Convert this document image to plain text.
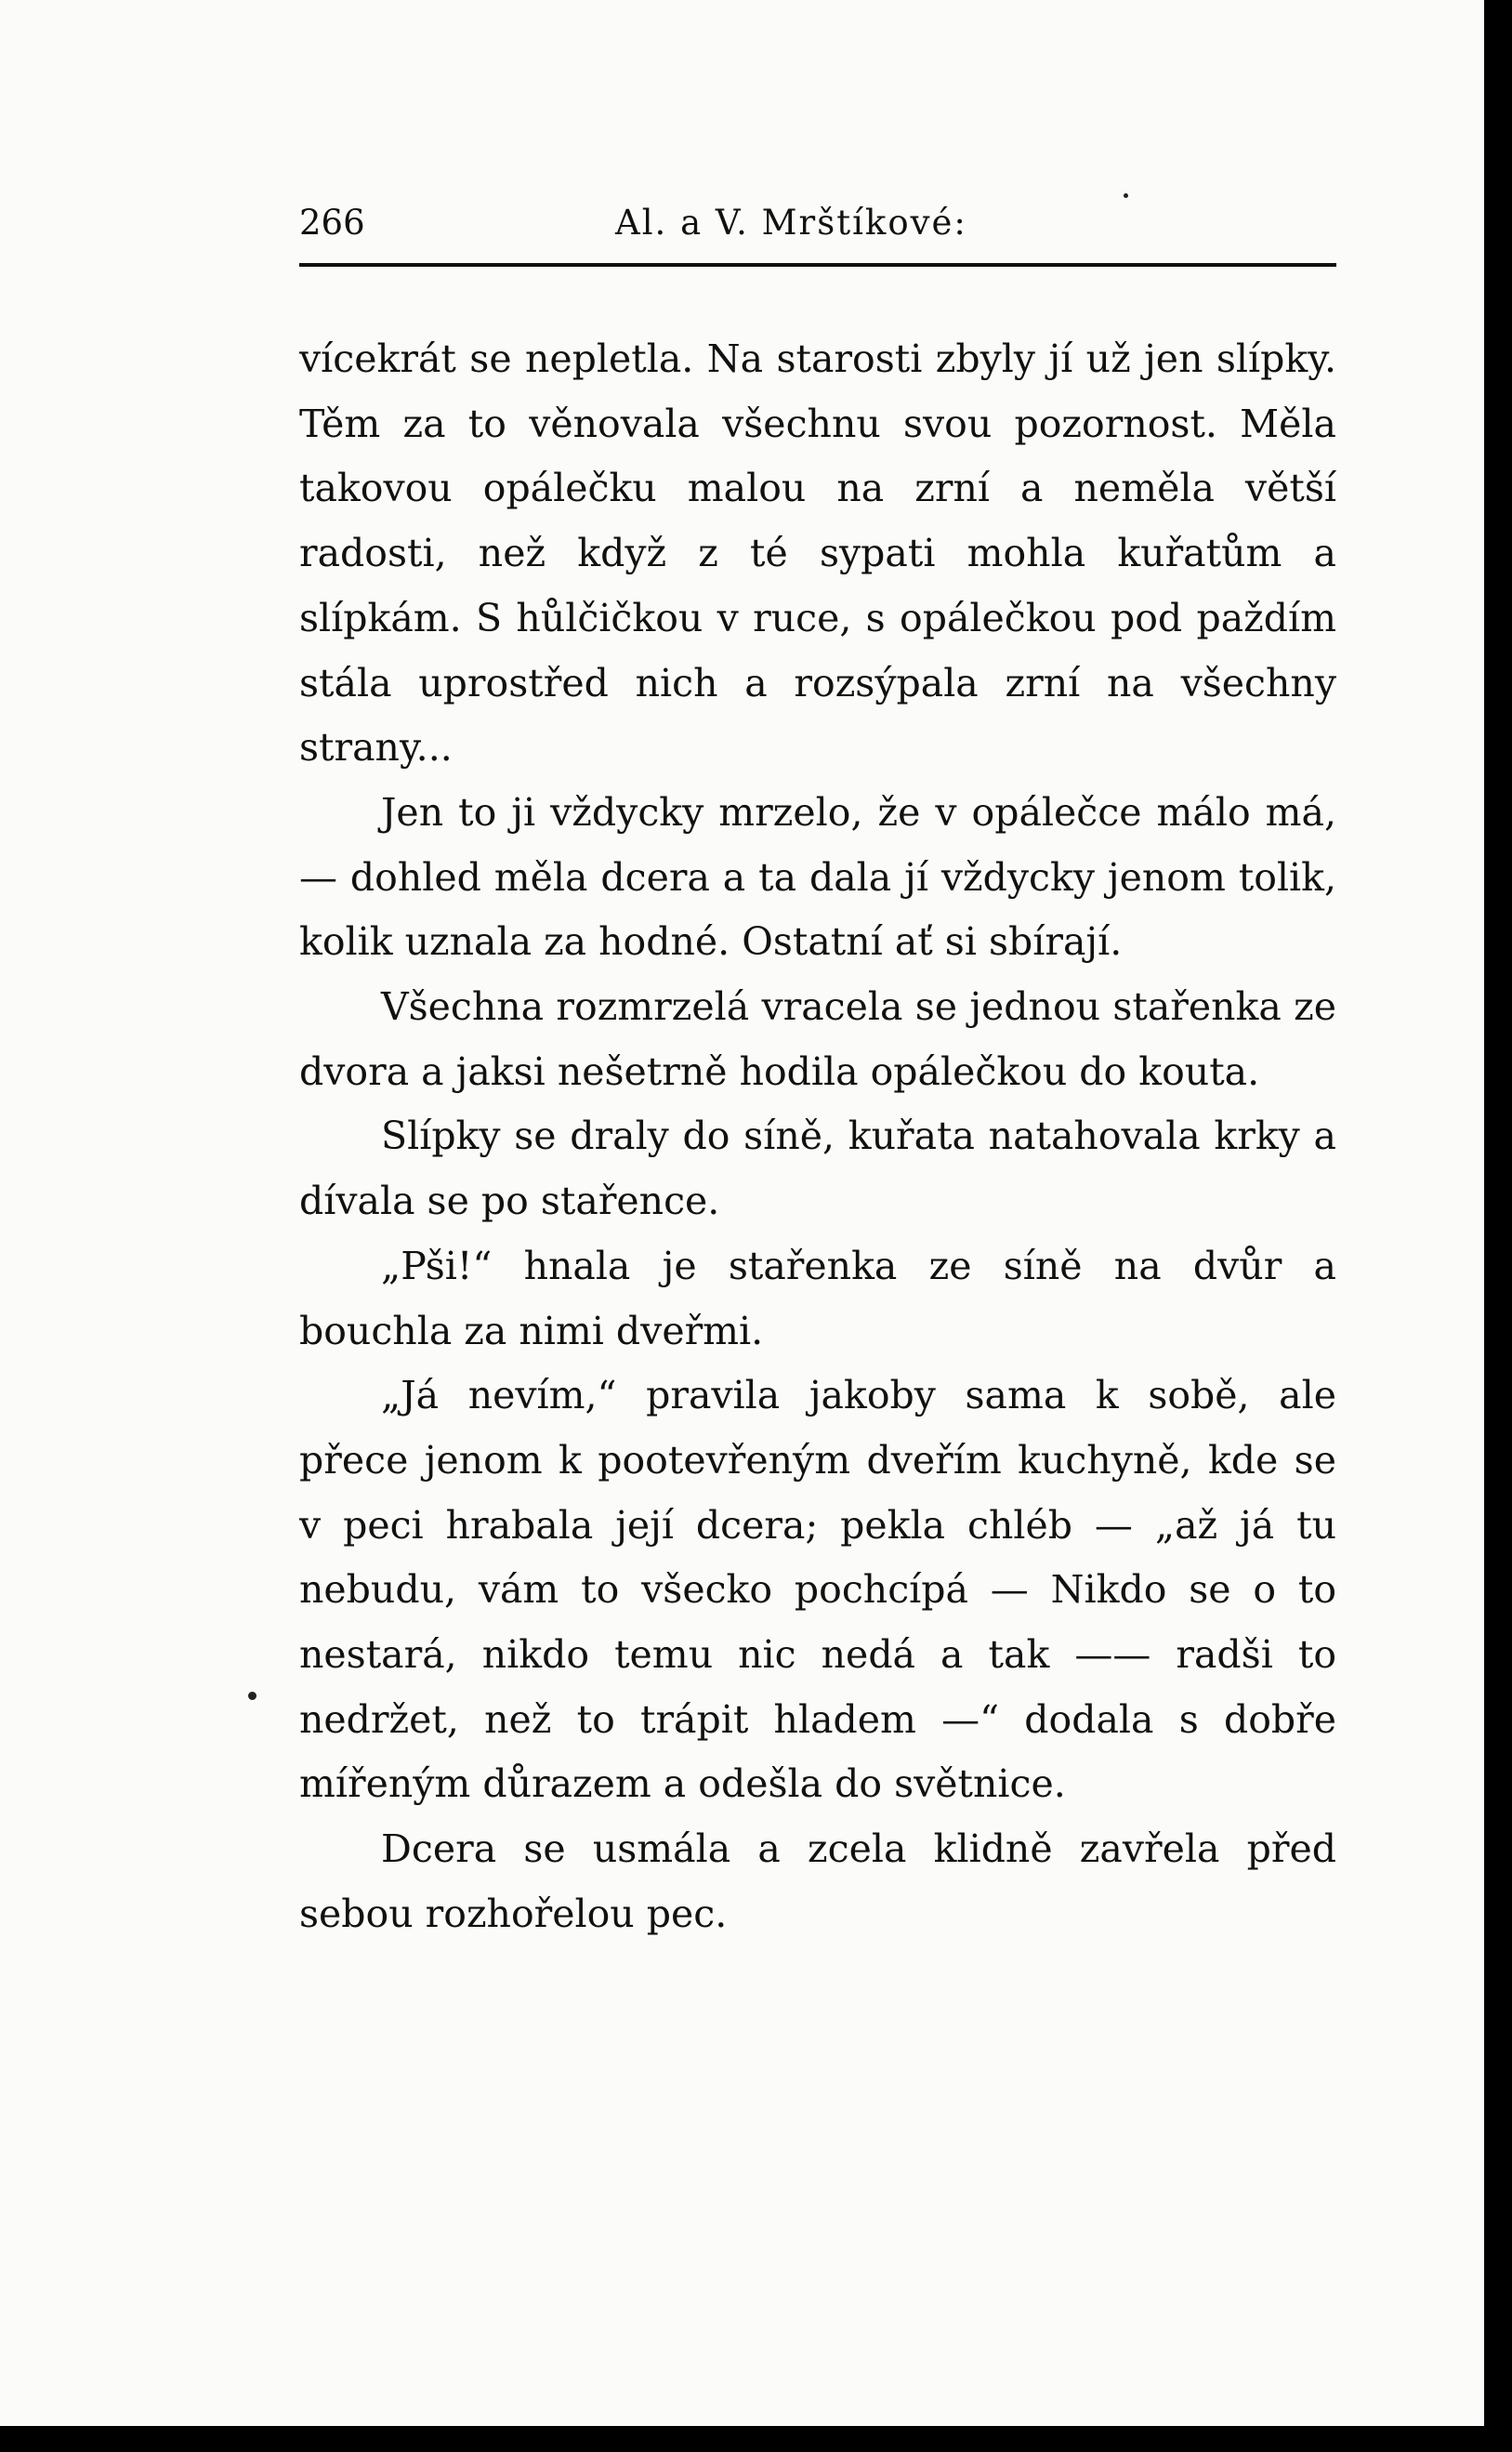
266	Al. a V. Mrštíkové:

vícekrát se nepletla. Na starosti zbyly jí už jen slípky. Těm za to věnovala všechnu svou pozornost. Měla takovou opálečku malou na zrní a neměla větší radosti, než když z té sypati mohla kuřatům a slípkám. S hůlčičkou v ruce, s opálečkou pod paždím stála uprostřed nich a rozsýpala zrní na všechny strany...

Jen to ji vždycky mrzelo, že v opálečce málo má, — dohled měla dcera a ta dala jí vždycky jenom tolik, kolik uznala za hodné. Ostatní ať si sbírají.

Všechna rozmrzelá vracela se jednou stařenka ze dvora a jaksi nešetrně hodila opálečkou do kouta.

Slípky se draly do síně, kuřata natahovala krky a dívala se po stařence.

„Pši!“ hnala je stařenka ze síně na dvůr a bouchla za nimi dveřmi.

„Já nevím,“ pravila jakoby sama k sobě, ale přece jenom k pootevřeným dveřím kuchyně, kde se v peci hrabala její dcera; pekla chléb — „až já tu nebudu, vám to všecko pochcípá — Nikdo se o to nestará, nikdo temu nic nedá a tak —— radši to nedržet, než to trápit hladem —“ dodala s dobře mířeným důrazem a odešla do světnice.

Dcera se usmála a zcela klidně zavřela před sebou rozhořelou pec.
